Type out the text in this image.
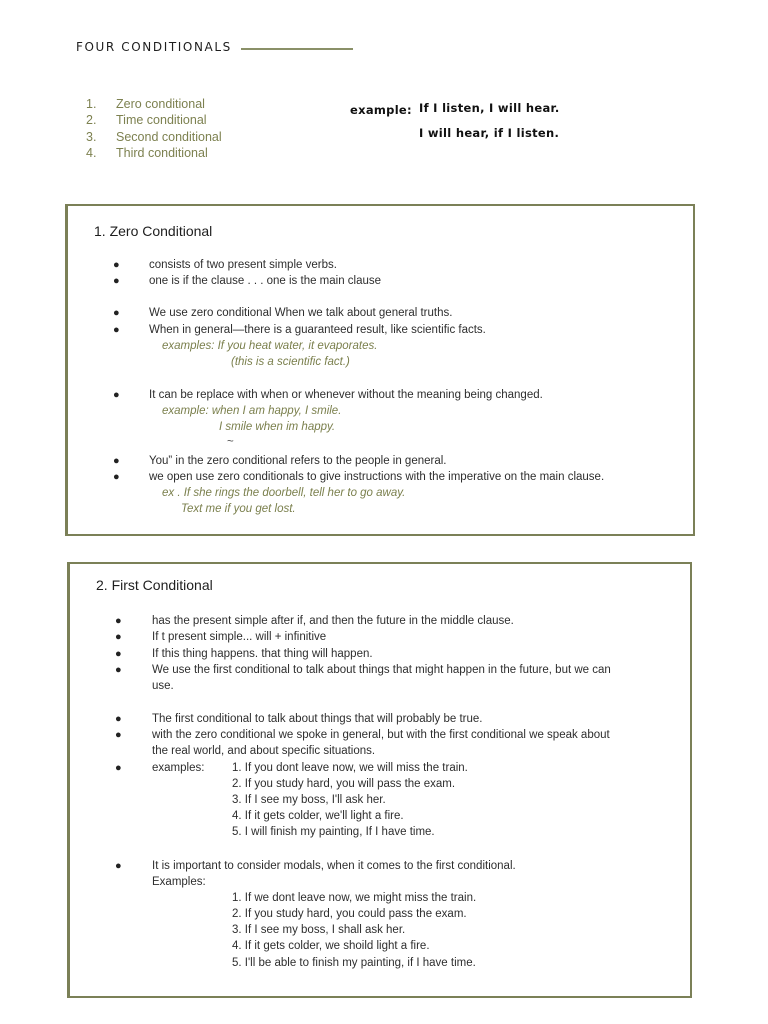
FOUR CONDITIONALS
1.	Zero conditional
2.	Time conditional
3.	Second conditional
4.	Third conditional
example: If I listen, I will hear.
I will hear, if I listen.
1. Zero Conditional
●	consists of two present simple verbs.
●	one is if the clause . . . one is the main clause
●	We use zero conditional When we talk about general truths.
●	When in general—there is a guaranteed result, like scientific facts.
examples: If you heat water, it evaporates.
(this is a scientific fact.)
●	It can be replace with when or whenever without the meaning being changed.
example: when I am happy, I smile.
I smile when im happy.
~
●	You” in the zero conditional refers to the people in general.
●	we open use zero conditionals to give instructions with the imperative on the main clause.
ex . If she rings the doorbell, tell her to go away.
Text me if you get lost.
2. First Conditional
●	has the present simple after if, and then the future in the middle clause.
●	If t present simple... will + infinitive
●	If this thing happens. that thing will happen.
●	We use the first conditional to talk about things that might happen in the future, but we can
use.
●	The first conditional to talk about things that will probably be true.
●	with the zero conditional we spoke in general, but with the first conditional we speak about
the real world, and about specific situations.
●	examples: 1. If you dont leave now, we will miss the train.
2. If you study hard, you will pass the exam.
3. If I see my boss, I'll ask her.
4. If it gets colder, we'll light a fire.
5. I will finish my painting, If I have time.
●	It is important to consider modals, when it comes to the first conditional.
Examples:
1. If we dont leave now, we might miss the train.
2. If you study hard, you could pass the exam.
3. If I see my boss, I shall ask her.
4. If it gets colder, we shoild light a fire.
5. I'll be able to finish my painting, if I have time.
